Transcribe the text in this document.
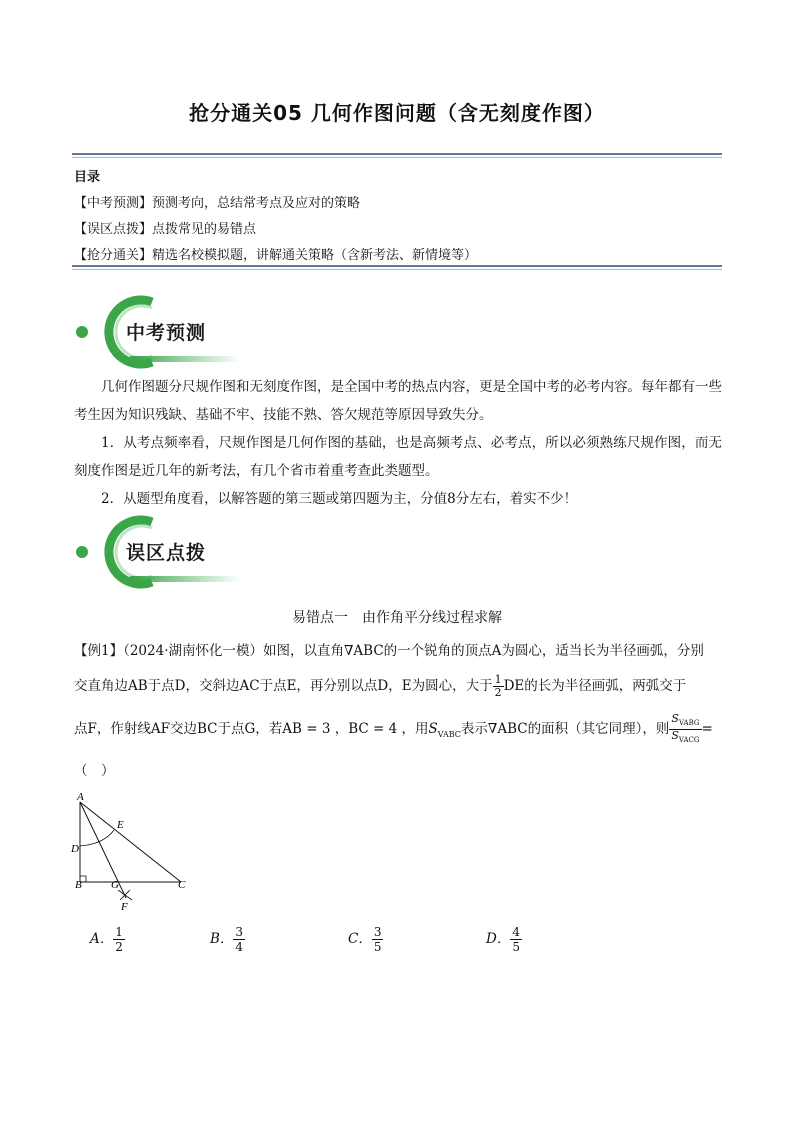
抢分通关05 几何作图问题（含无刻度作图）
目录
【中考预测】预测考向，总结常考点及应对的策略
【误区点拨】点拨常见的易错点
【抢分通关】精选名校模拟题，讲解通关策略（含新考法、新情境等）
中考预测
几何作图题分尺规作图和无刻度作图，是全国中考的热点内容，更是全国中考的必考内容。每年都有一些考生因为知识残缺、基础不牢、技能不熟、答欠规范等原因导致失分。
1．从考点频率看，尺规作图是几何作图的基础，也是高频考点、必考点，所以必须熟练尺规作图，而无刻度作图是近几年的新考法，有几个省市着重考查此类题型。
2．从题型角度看，以解答题的第三题或第四题为主，分值8分左右，着实不少！
误区点拨
易错点一　由作角平分线过程求解
【例1】（2024·湖南怀化一模）如图，以直角∇ABC的一个锐角的顶点A为圆心，适当长为半径画弧，分别
交直角边AB于点D，交斜边AC于点E，再分别以点D，E为圆心，大于 $\frac{1}{2}$ DE的长为半径画弧，两弧交于
点F，作射线AF交边BC于点G，若AB = 3 ，BC = 4 ，用$S_{VABC}$表示∇ABC的面积（其它同理），则 $\frac{S_{VABG}}{S_{VACG}}$ =
（　）
A
E
D
B	G	C
F
A． $\frac{1}{2}$	B． $\frac{3}{4}$	C． $\frac{3}{5}$	D． $\frac{4}{5}$
